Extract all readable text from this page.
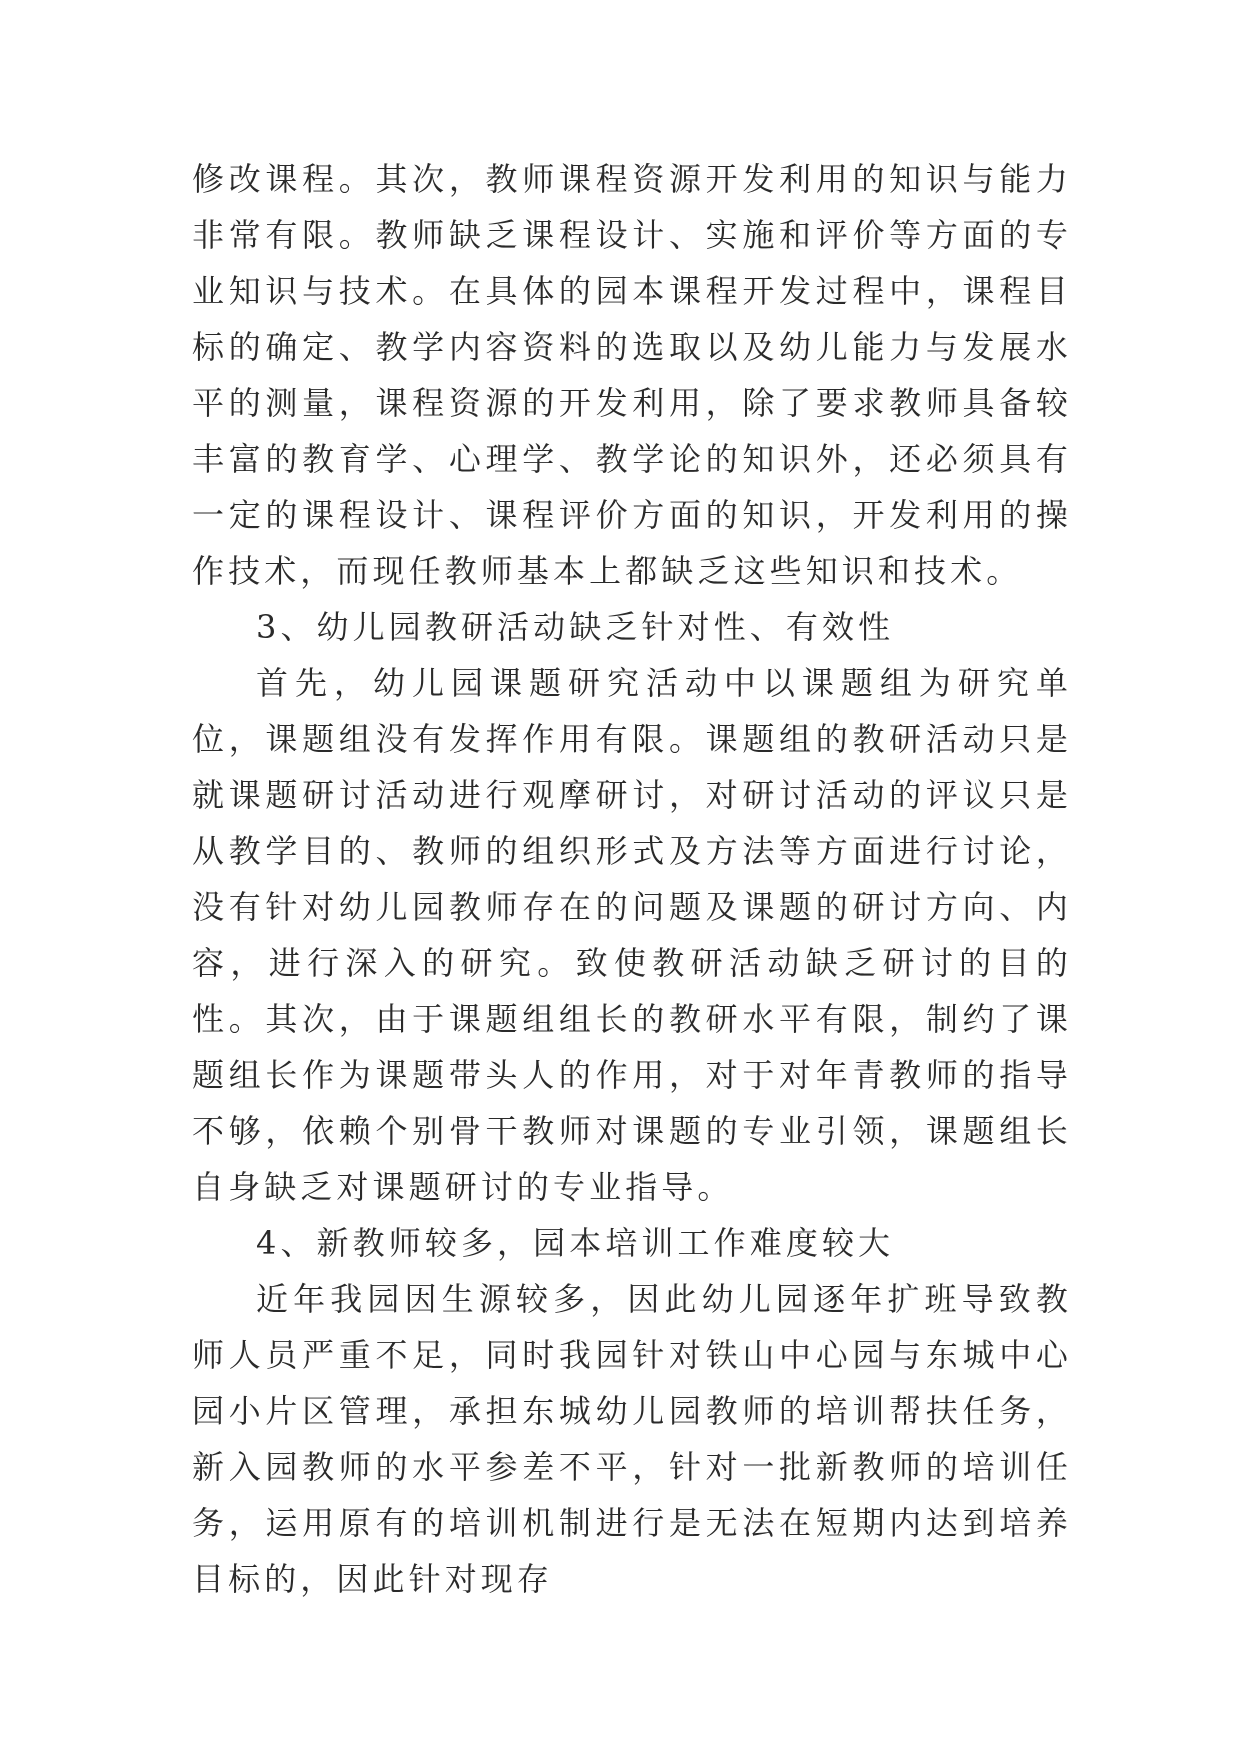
修改课程。其次，教师课程资源开发利用的知识与能力非常有限。教师缺乏课程设计、实施和评价等方面的专业知识与技术。在具体的园本课程开发过程中，课程目标的确定、教学内容资料的选取以及幼儿能力与发展水平的测量，课程资源的开发利用，除了要求教师具备较丰富的教育学、心理学、教学论的知识外，还必须具有一定的课程设计、课程评价方面的知识，开发利用的操作技术，而现任教师基本上都缺乏这些知识和技术。

3、幼儿园教研活动缺乏针对性、有效性

首先，幼儿园课题研究活动中以课题组为研究单位，课题组没有发挥作用有限。课题组的教研活动只是就课题研讨活动进行观摩研讨，对研讨活动的评议只是从教学目的、教师的组织形式及方法等方面进行讨论，没有针对幼儿园教师存在的问题及课题的研讨方向、内容，进行深入的研究。致使教研活动缺乏研讨的目的性。其次，由于课题组组长的教研水平有限，制约了课题组长作为课题带头人的作用，对于对年青教师的指导不够，依赖个别骨干教师对课题的专业引领，课题组长自身缺乏对课题研讨的专业指导。

4、新教师较多，园本培训工作难度较大

近年我园因生源较多，因此幼儿园逐年扩班导致教师人员严重不足，同时我园针对铁山中心园与东城中心园小片区管理，承担东城幼儿园教师的培训帮扶任务，新入园教师的水平参差不平，针对一批新教师的培训任务，运用原有的培训机制进行是无法在短期内达到培养目标的，因此针对现存
